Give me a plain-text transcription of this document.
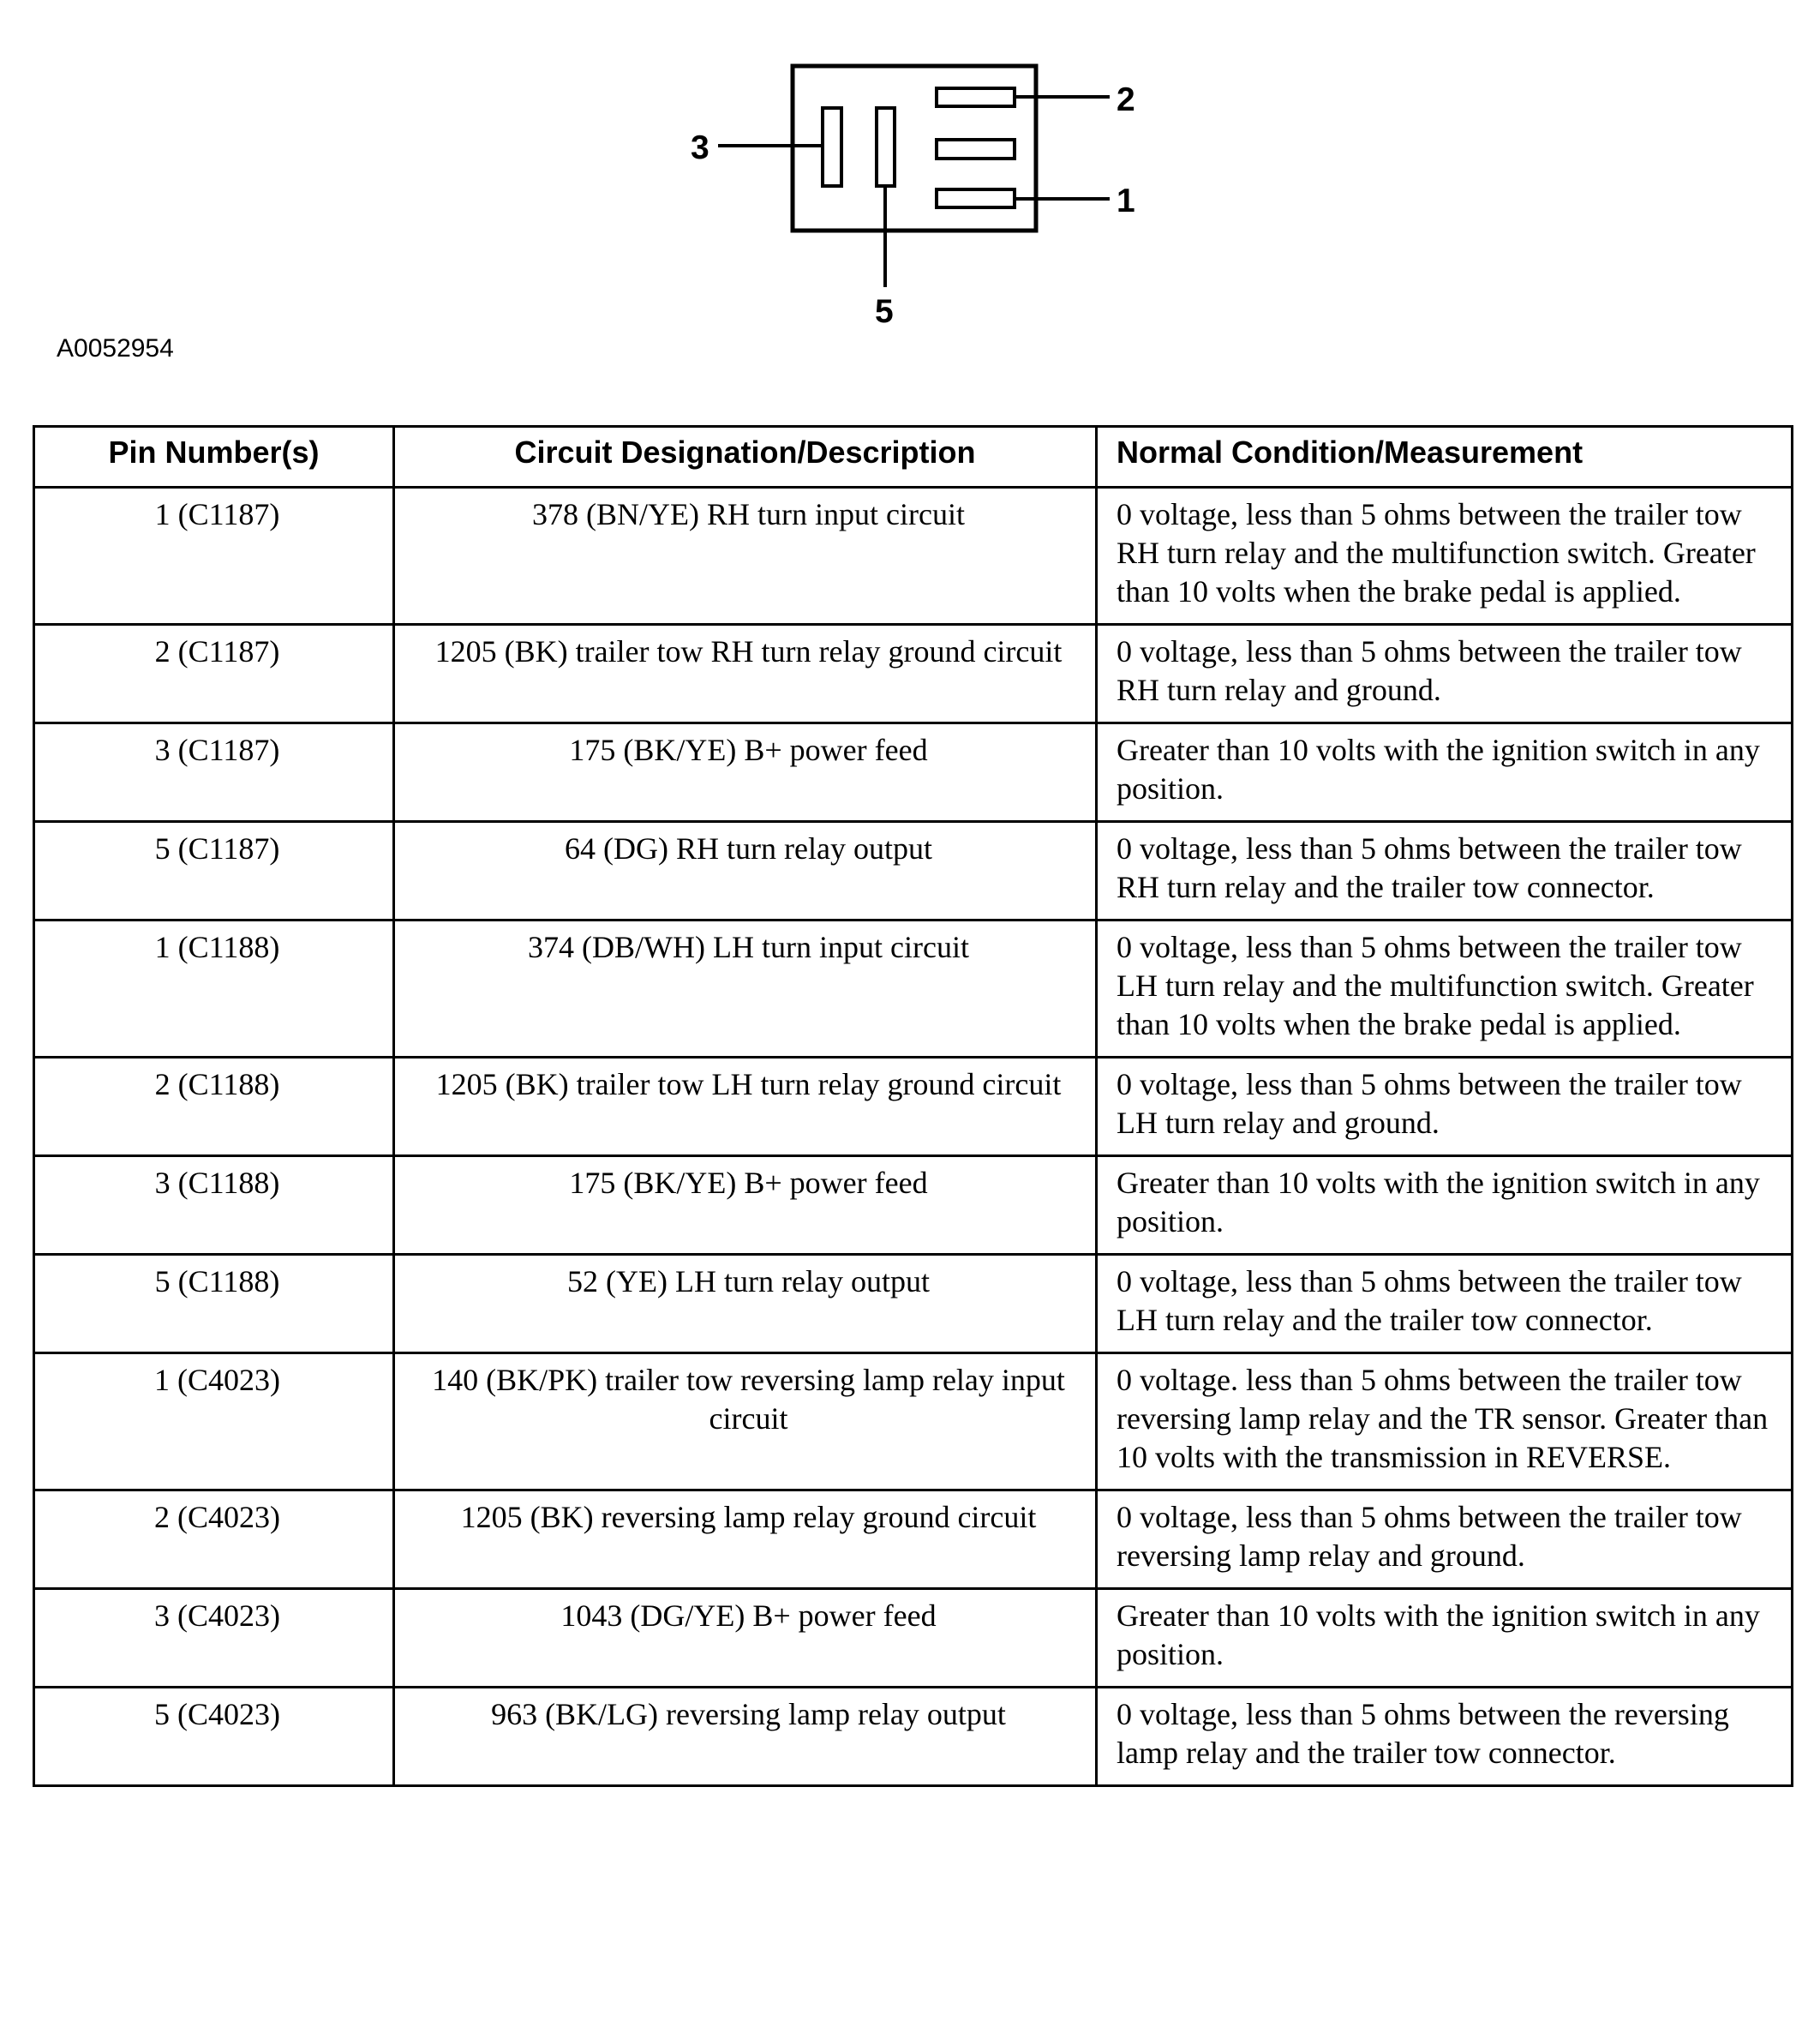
2
1
3
5

A0052954

Pin Number(s)	Circuit Designation/Description	Normal Condition/Measurement
1 (C1187)	378 (BN/YE) RH turn input circuit	0 voltage, less than 5 ohms between the trailer tow RH turn relay and the multifunction switch. Greater than 10 volts when the brake pedal is applied.
2 (C1187)	1205 (BK) trailer tow RH turn relay ground circuit	0 voltage, less than 5 ohms between the trailer tow RH turn relay and ground.
3 (C1187)	175 (BK/YE) B+ power feed	Greater than 10 volts with the ignition switch in any position.
5 (C1187)	64 (DG) RH turn relay output	0 voltage, less than 5 ohms between the trailer tow RH turn relay and the trailer tow connector.
1 (C1188)	374 (DB/WH) LH turn input circuit	0 voltage, less than 5 ohms between the trailer tow LH turn relay and the multifunction switch. Greater than 10 volts when the brake pedal is applied.
2 (C1188)	1205 (BK) trailer tow LH turn relay ground circuit	0 voltage, less than 5 ohms between the trailer tow LH turn relay and ground.
3 (C1188)	175 (BK/YE) B+ power feed	Greater than 10 volts with the ignition switch in any position.
5 (C1188)	52 (YE) LH turn relay output	0 voltage, less than 5 ohms between the trailer tow LH turn relay and the trailer tow connector.
1 (C4023)	140 (BK/PK) trailer tow reversing lamp relay input circuit	0 voltage. less than 5 ohms between the trailer tow reversing lamp relay and the TR sensor. Greater than 10 volts with the transmission in REVERSE.
2 (C4023)	1205 (BK) reversing lamp relay ground circuit	0 voltage, less than 5 ohms between the trailer tow reversing lamp relay and ground.
3 (C4023)	1043 (DG/YE) B+ power feed	Greater than 10 volts with the ignition switch in any position.
5 (C4023)	963 (BK/LG) reversing lamp relay output	0 voltage, less than 5 ohms between the reversing lamp relay and the trailer tow connector.
